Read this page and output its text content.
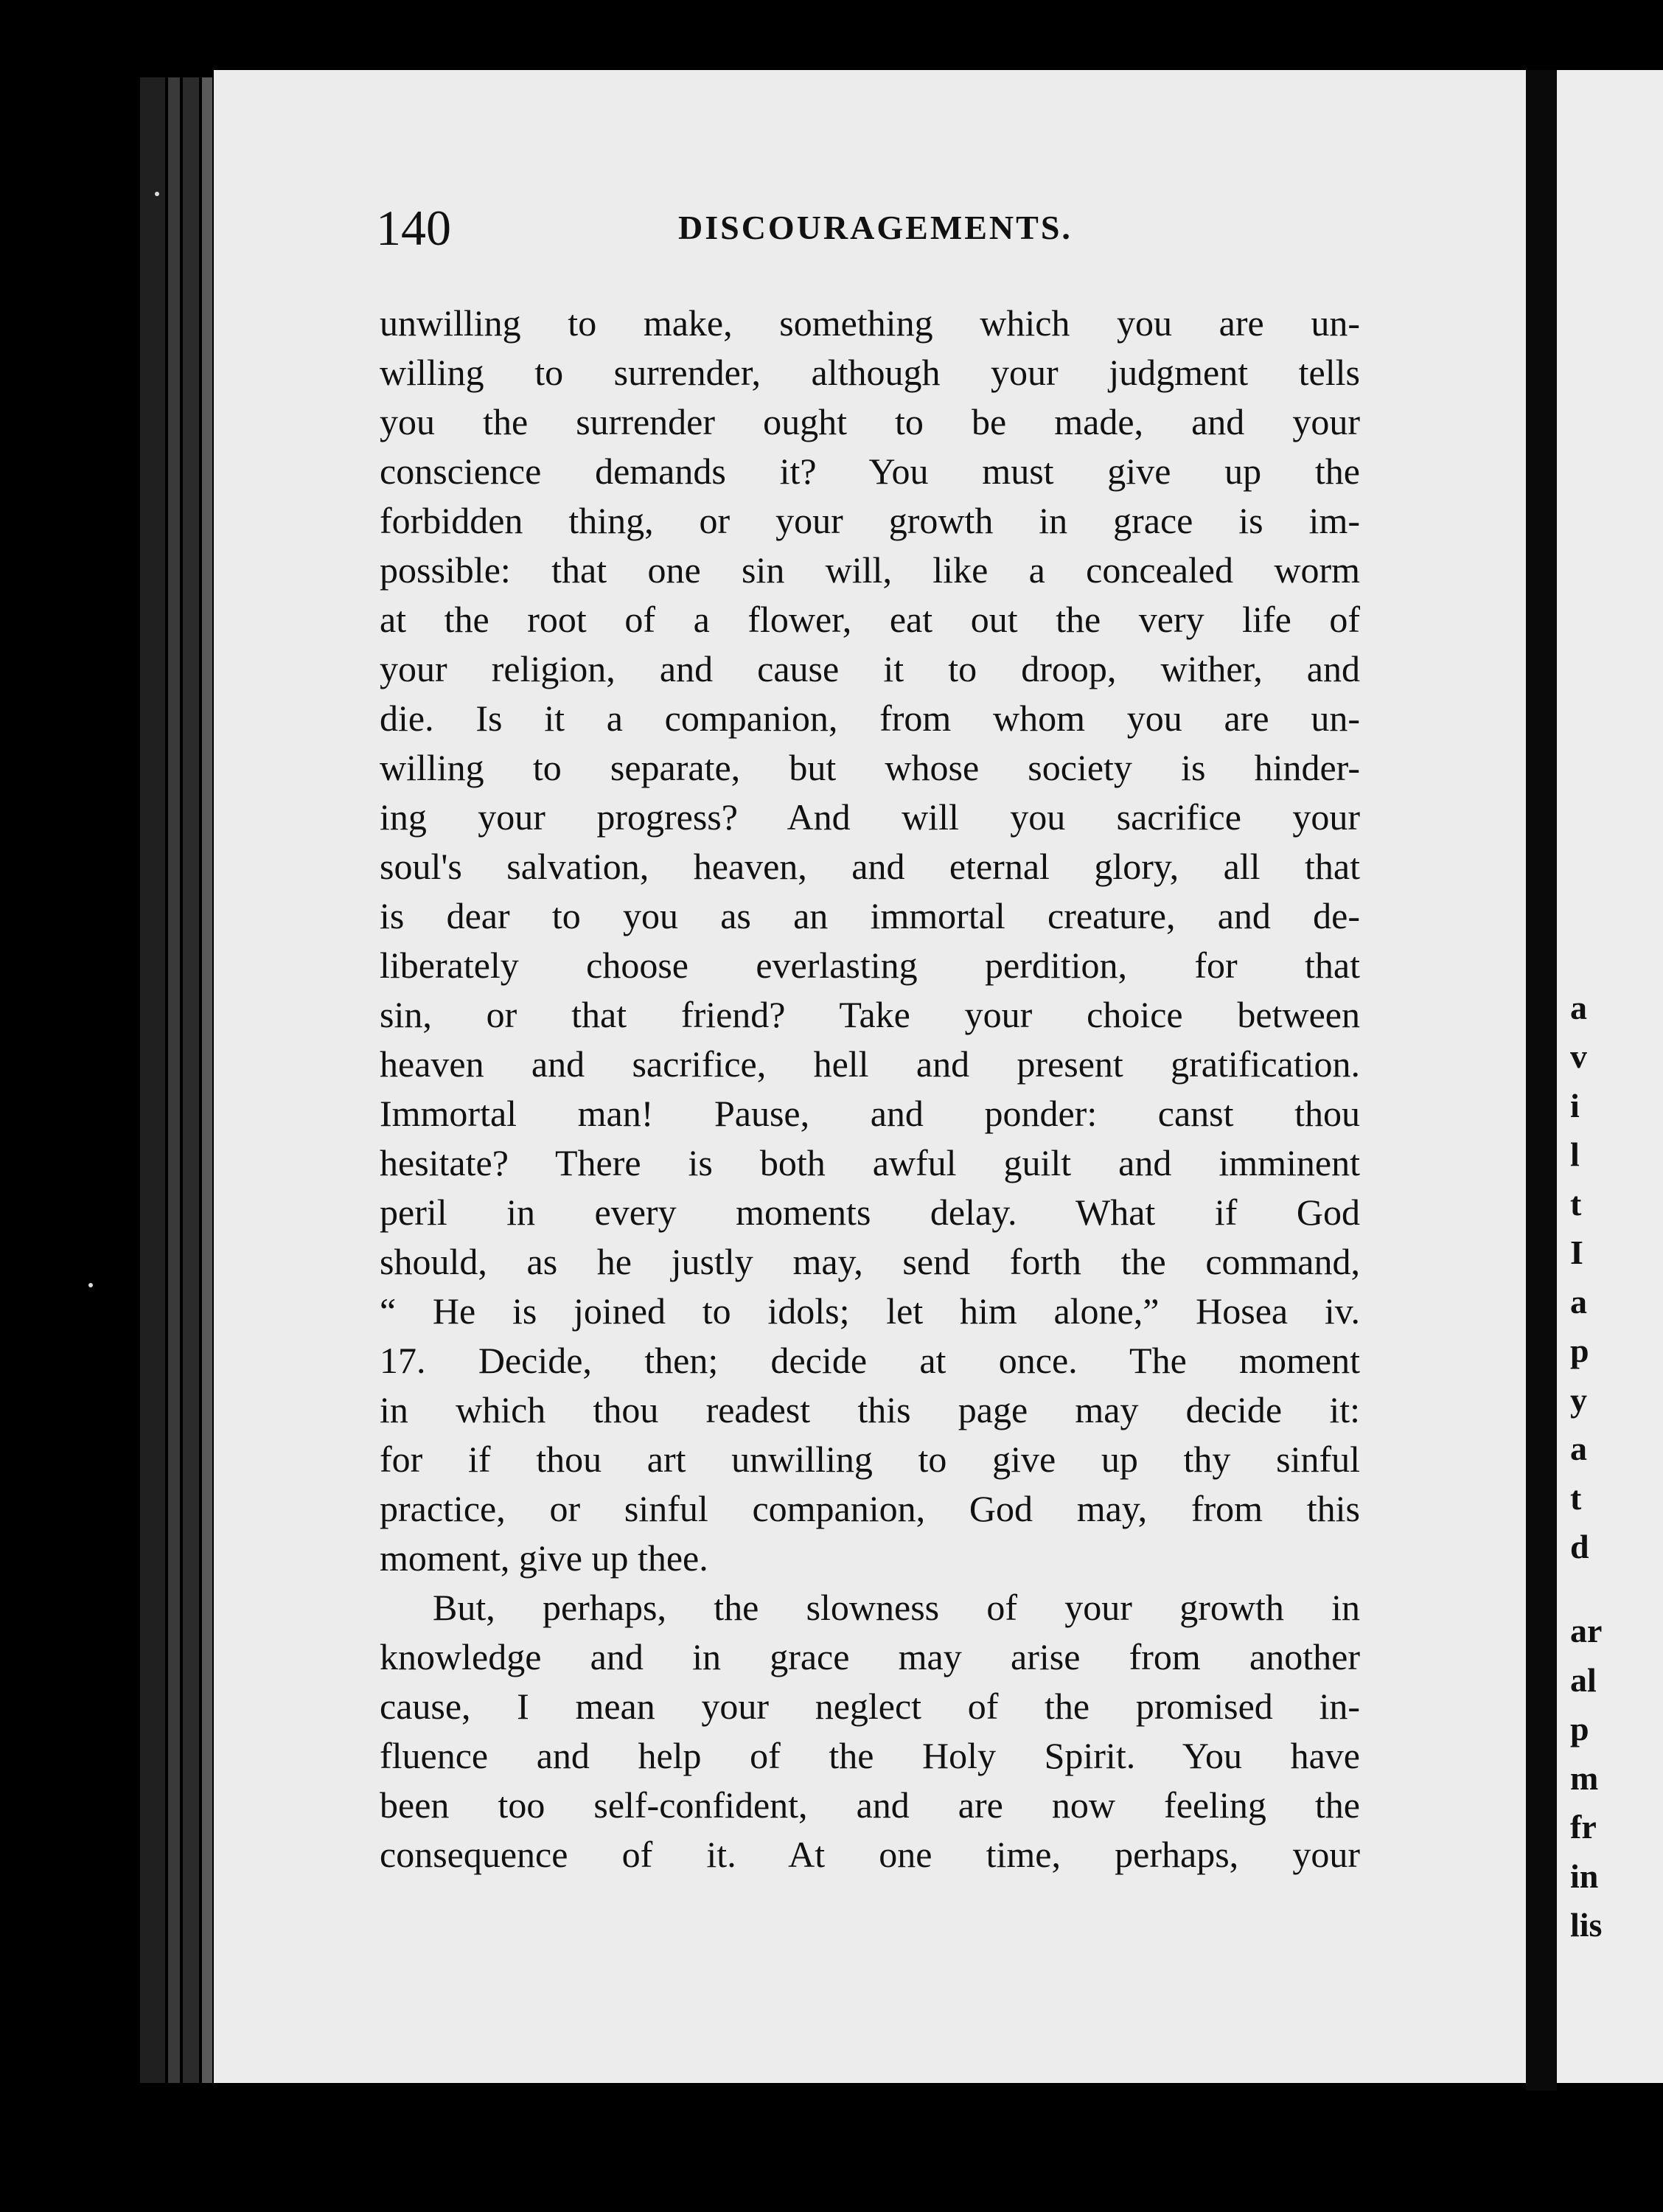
140	DISCOURAGEMENTS.
unwilling to make, something which you are un-
willing to surrender, although your judgment tells
you the surrender ought to be made, and your
conscience demands it? You must give up the
forbidden thing, or your growth in grace is im-
possible: that one sin will, like a concealed worm
at the root of a flower, eat out the very life of
your religion, and cause it to droop, wither, and
die. Is it a companion, from whom you are un-
willing to separate, but whose society is hinder-
ing your progress? And will you sacrifice your
soul's salvation, heaven, and eternal glory, all that
is dear to you as an immortal creature, and de-
liberately choose everlasting perdition, for that
sin, or that friend? Take your choice between
heaven and sacrifice, hell and present gratification.
Immortal man! Pause, and ponder: canst thou
hesitate? There is both awful guilt and imminent
peril in every moments delay. What if God
should, as he justly may, send forth the command,
“ He is joined to idols; let him alone,” Hosea iv.
17. Decide, then; decide at once. The moment
in which thou readest this page may decide it:
for if thou art unwilling to give up thy sinful
practice, or sinful companion, God may, from this
moment, give up thee.
But, perhaps, the slowness of your growth in
knowledge and in grace may arise from another
cause, I mean your neglect of the promised in-
fluence and help of the Holy Spirit. You have
been too self-confident, and are now feeling the
consequence of it. At one time, perhaps, your
a
v
i
l
t
I
a
p
y
a
t
d
ar
al
p
m
fr
in
lis
